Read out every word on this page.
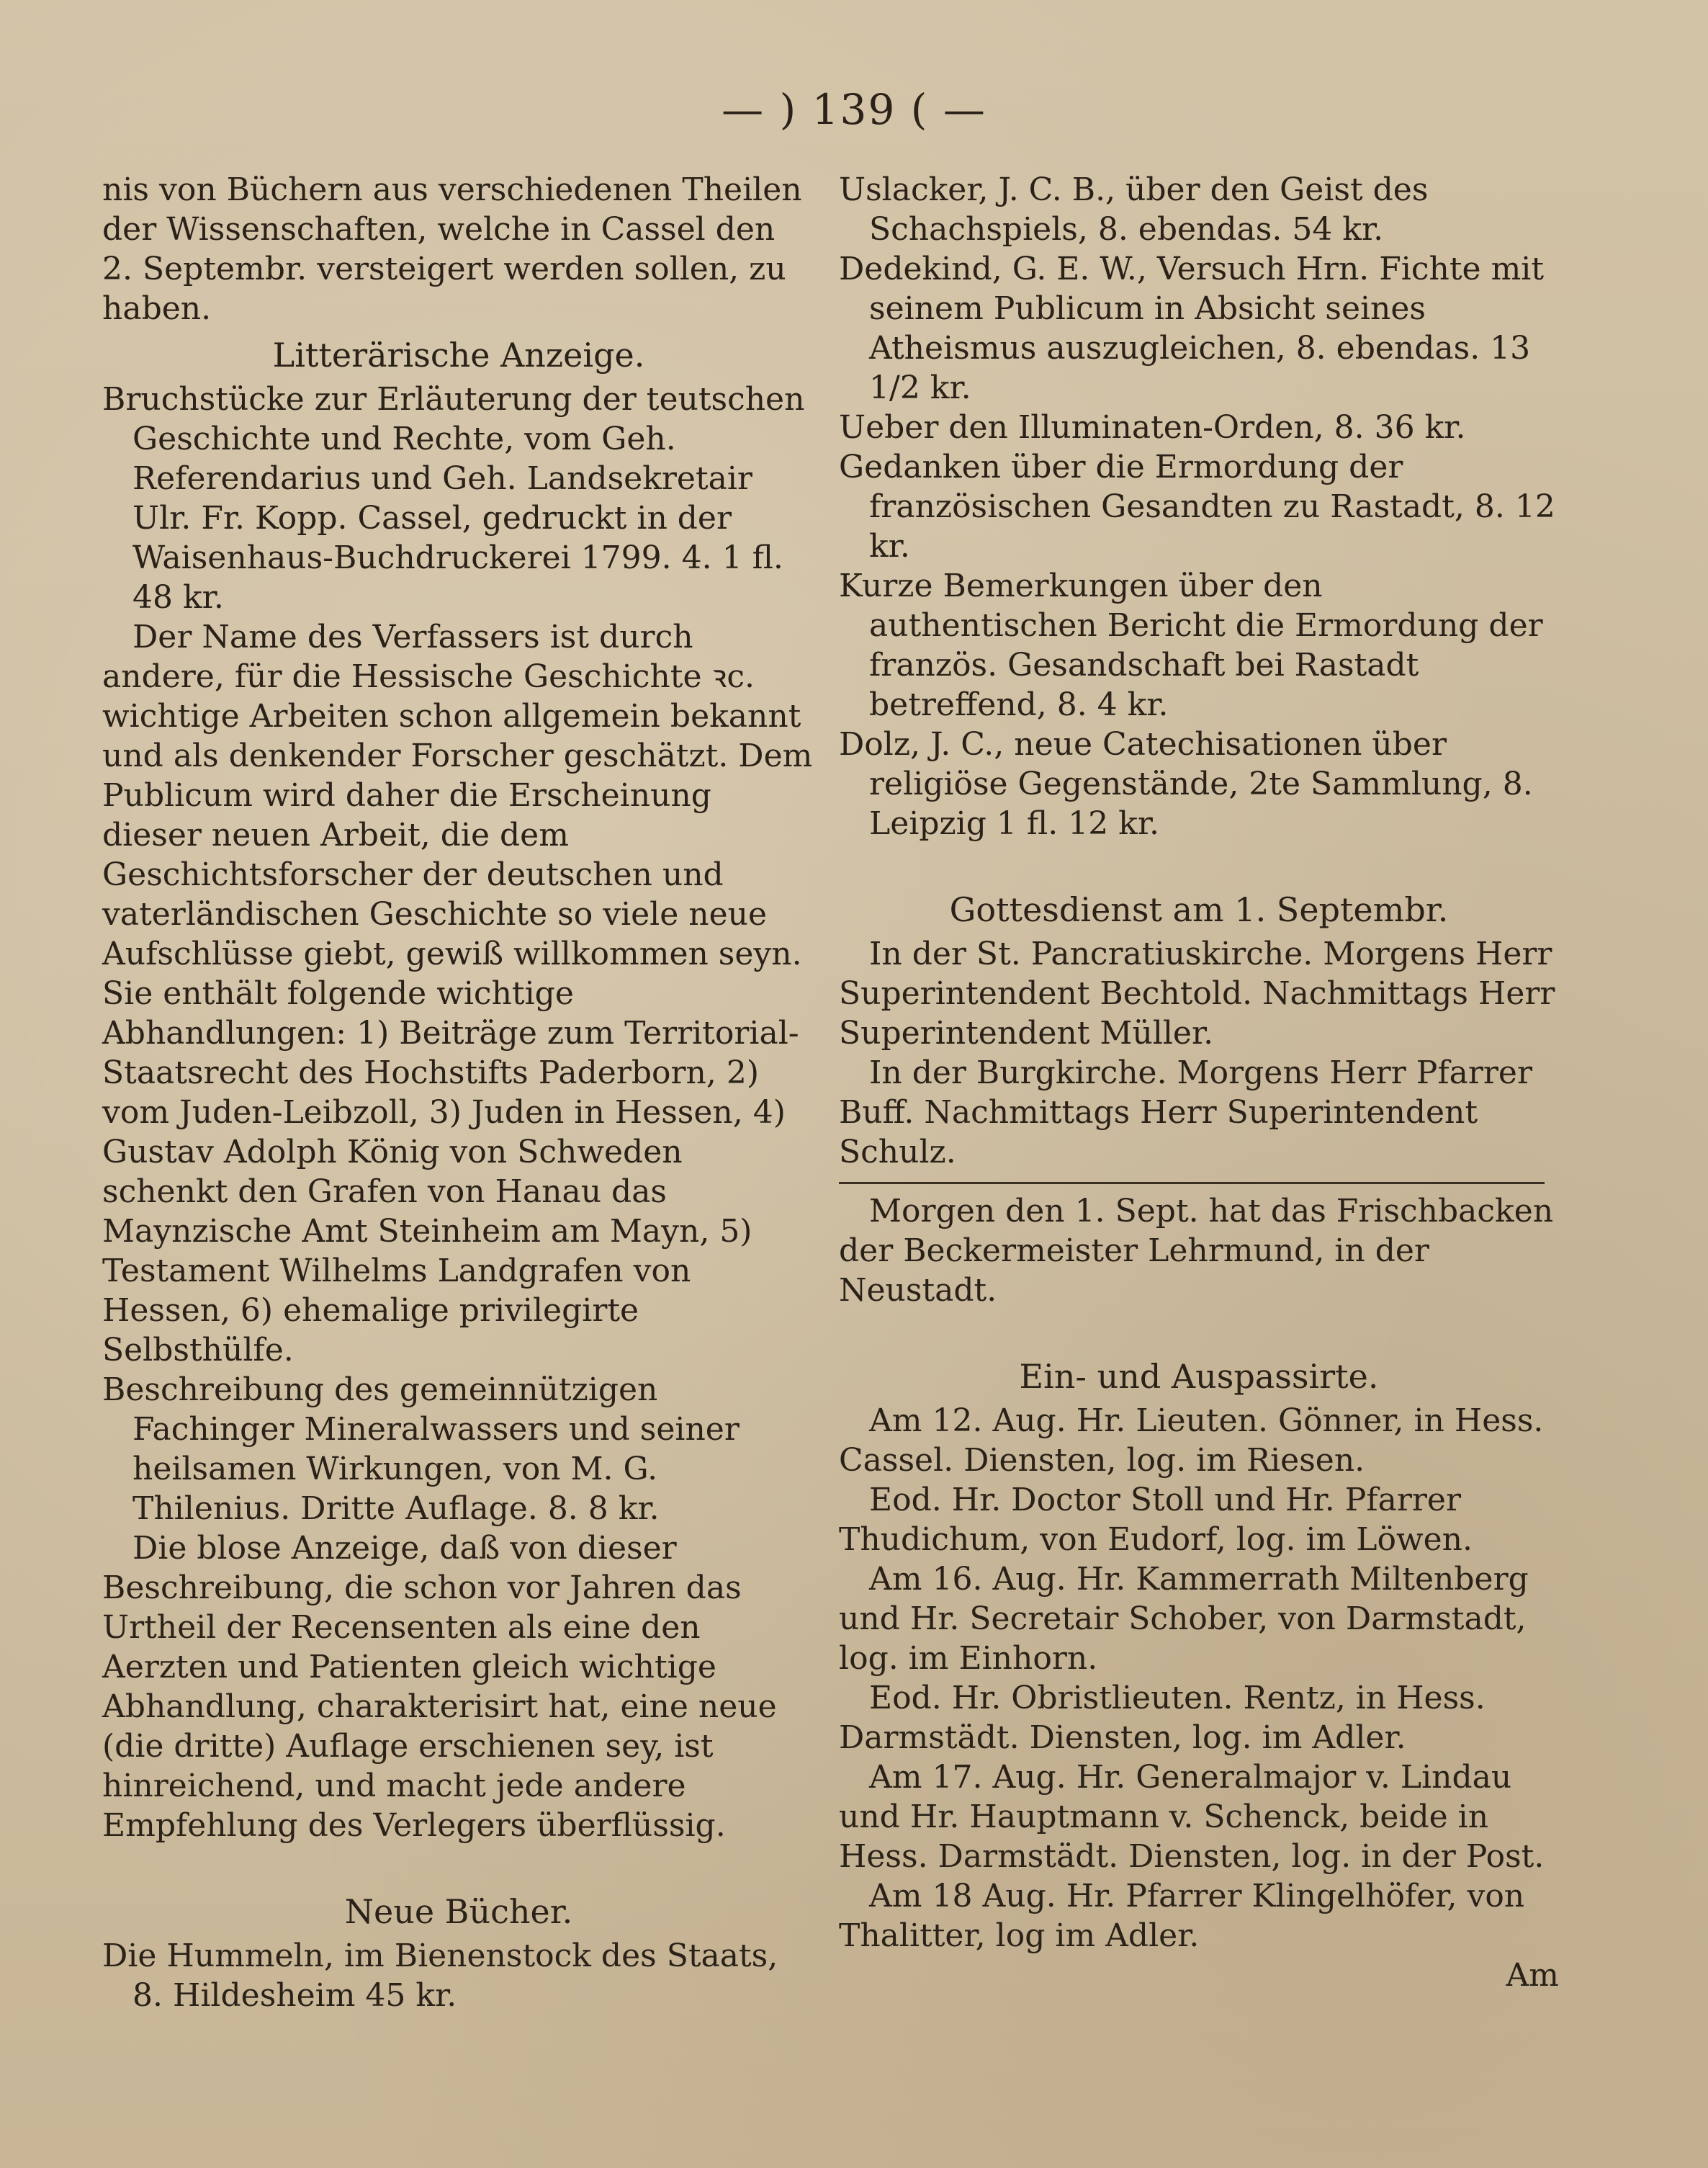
— ) 139 ( —

nis von Büchern aus verschiedenen Theilen der Wissenschaften, welche in Cassel den 2. Septembr. versteigert werden sollen, zu haben.

Litterärische Anzeige.

Bruchstücke zur Erläuterung der teutschen Geschichte und Rechte, vom Geh. Referendarius und Geh. Landsekretair Ulr. Fr. Kopp. Cassel, gedruckt in der Waisenhaus-Buchdruckerei 1799. 4. 1 fl. 48 kr.

Der Name des Verfassers ist durch andere, für die Hessische Geschichte ꝛc. wichtige Arbeiten schon allgemein bekannt und als denkender Forscher geschätzt. Dem Publicum wird daher die Erscheinung dieser neuen Arbeit, die dem Geschichtsforscher der deutschen und vaterländischen Geschichte so viele neue Aufschlüsse giebt, gewiß willkommen seyn. Sie enthält folgende wichtige Abhandlungen: 1) Beiträge zum Territorial-Staatsrecht des Hochstifts Paderborn, 2) vom Juden-Leibzoll, 3) Juden in Hessen, 4) Gustav Adolph König von Schweden schenkt den Grafen von Hanau das Maynzische Amt Steinheim am Mayn, 5) Testament Wilhelms Landgrafen von Hessen, 6) ehemalige privilegirte Selbsthülfe.

Beschreibung des gemeinnützigen Fachinger Mineralwassers und seiner heilsamen Wirkungen, von M. G. Thilenius. Dritte Auflage. 8. 8 kr.

Die blose Anzeige, daß von dieser Beschreibung, die schon vor Jahren das Urtheil der Recensenten als eine den Aerzten und Patienten gleich wichtige Abhandlung, charakterisirt hat, eine neue (die dritte) Auflage erschienen sey, ist hinreichend, und macht jede andere Empfehlung des Verlegers überflüssig.

Neue Bücher.

Die Hummeln, im Bienenstock des Staats, 8. Hildesheim 45 kr.

Uslacker, J. C. B., über den Geist des Schachspiels, 8. ebendas. 54 kr.

Dedekind, G. E. W., Versuch Hrn. Fichte mit seinem Publicum in Absicht seines Atheismus auszugleichen, 8. ebendas. 13 1/2 kr.

Ueber den Illuminaten-Orden, 8. 36 kr.

Gedanken über die Ermordung der französischen Gesandten zu Rastadt, 8. 12 kr.

Kurze Bemerkungen über den authentischen Bericht die Ermordung der französ. Gesandschaft bei Rastadt betreffend, 8. 4 kr.

Dolz, J. C., neue Catechisationen über religiöse Gegenstände, 2te Sammlung, 8. Leipzig 1 fl. 12 kr.

Gottesdienst am 1. Septembr.

In der St. Pancratiuskirche. Morgens Herr Superintendent Bechtold. Nachmittags Herr Superintendent Müller.

In der Burgkirche. Morgens Herr Pfarrer Buff. Nachmittags Herr Superintendent Schulz.

Morgen den 1. Sept. hat das Frischbacken der Beckermeister Lehrmund, in der Neustadt.

Ein- und Auspassirte.

Am 12. Aug. Hr. Lieuten. Gönner, in Hess. Cassel. Diensten, log. im Riesen.

Eod. Hr. Doctor Stoll und Hr. Pfarrer Thudichum, von Eudorf, log. im Löwen.

Am 16. Aug. Hr. Kammerrath Miltenberg und Hr. Secretair Schober, von Darmstadt, log. im Einhorn.

Eod. Hr. Obristlieuten. Rentz, in Hess. Darmstädt. Diensten, log. im Adler.

Am 17. Aug. Hr. Generalmajor v. Lindau und Hr. Hauptmann v. Schenck, beide in Hess. Darmstädt. Diensten, log. in der Post.

Am 18 Aug. Hr. Pfarrer Klingelhöfer, von Thalitter, log im Adler.

Am
